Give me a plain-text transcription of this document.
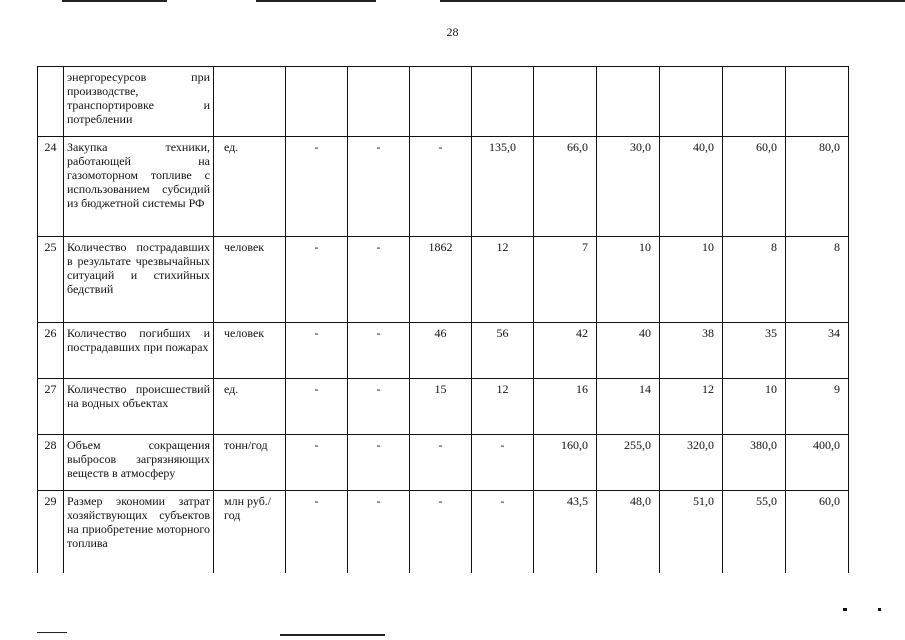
28
	энергоресурсов при производстве, транспортировке и потреблении										
24	Закупка техники, работающей на газомоторном топливе с использованием субсидий из бюджетной системы РФ	ед.	-	-	-	135,0	66,0	30,0	40,0	60,0	80,0
25	Количество пострадавших в результате чрезвычайных ситуаций и стихийных бедствий	человек	-	-	1862	12	7	10	10	8	8
26	Количество погибших и пострадавших при пожарах	человек	-	-	46	56	42	40	38	35	34
27	Количество происшествий на водных объектах	ед.	-	-	15	12	16	14	12	10	9
28	Объем сокращения выбросов загрязняющих веществ в атмосферу	тонн/год	-	-	-	-	160,0	255,0	320,0	380,0	400,0
29	Размер экономии затрат хозяйствующих субъектов на приобретение моторного топлива	млн руб./год	-	-	-	-	43,5	48,0	51,0	55,0	60,0
